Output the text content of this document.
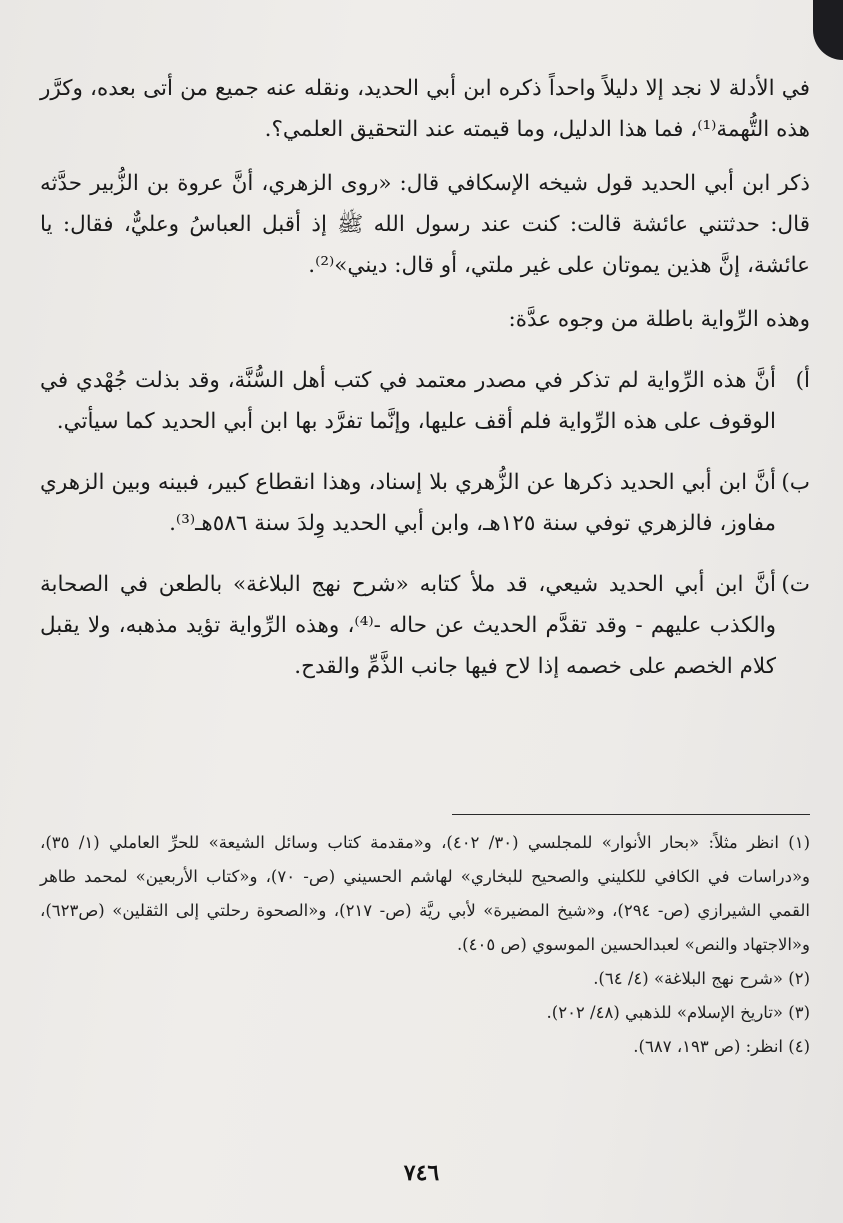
في الأدلة لا نجد إلا دليلاً واحداً ذكره ابن أبي الحديد، ونقله عنه جميع من أتى بعده، وكرَّر هذه التُّهمة⁽¹⁾، فما هذا الدليل، وما قيمته عند التحقيق العلمي؟.

ذكر ابن أبي الحديد قول شيخه الإسكافي قال: «روى الزهري، أنَّ عروة بن الزُّبير حدَّثه قال: حدثتني عائشة قالت: كنت عند رسول الله ﷺ إذ أقبل العباسُ وعليٌّ، فقال: يا عائشة، إنَّ هذين يموتان على غير ملتي، أو قال: ديني»⁽²⁾.

وهذه الرِّواية باطلة من وجوه عدَّة:

أ)
أنَّ هذه الرِّواية لم تذكر في مصدر معتمد في كتب أهل السُّنَّة، وقد بذلت جُهْدي في الوقوف على هذه الرِّواية فلم أقف عليها، وإنَّما تفرَّد بها ابن أبي الحديد كما سيأتي.
ب)
أنَّ ابن أبي الحديد ذكرها عن الزُّهري بلا إسناد، وهذا انقطاع كبير، فبينه وبين الزهري مفاوز، فالزهري توفي سنة ١٢٥هـ، وابن أبي الحديد وِلدَ سنة ٥٨٦هـ⁽³⁾.
ت)
أنَّ ابن أبي الحديد شيعي، قد ملأ كتابه «شرح نهج البلاغة» بالطعن في الصحابة والكذب عليهم - وقد تقدَّم الحديث عن حاله -⁽⁴⁾، وهذه الرِّواية تؤيد مذهبه، ولا يقبل كلام الخصم على خصمه إذا لاح فيها جانب الذَّمِّ والقدح.

(١) انظر مثلاً: «بحار الأنوار» للمجلسي (٣٠/ ٤٠٢)، و«مقدمة كتاب وسائل الشيعة» للحرِّ العاملي (١/ ٣٥)، و«دراسات في الكافي للكليني والصحيح للبخاري» لهاشم الحسيني (ص- ٧٠)، و«كتاب الأربعين» لمحمد طاهر القمي الشيرازي (ص- ٢٩٤)، و«شيخ المضيرة» لأبي ريَّة (ص- ٢١٧)، و«الصحوة رحلتي إلى الثقلين» (ص٦٢٣)، و«الاجتهاد والنص» لعبدالحسين الموسوي (ص ٤٠٥).

(٢) «شرح نهج البلاغة» (٤/ ٦٤).

(٣) «تاريخ الإسلام» للذهبي (٤٨/ ٢٠٢).

(٤) انظر: (ص ١٩٣، ٦٨٧).

٧٤٦
